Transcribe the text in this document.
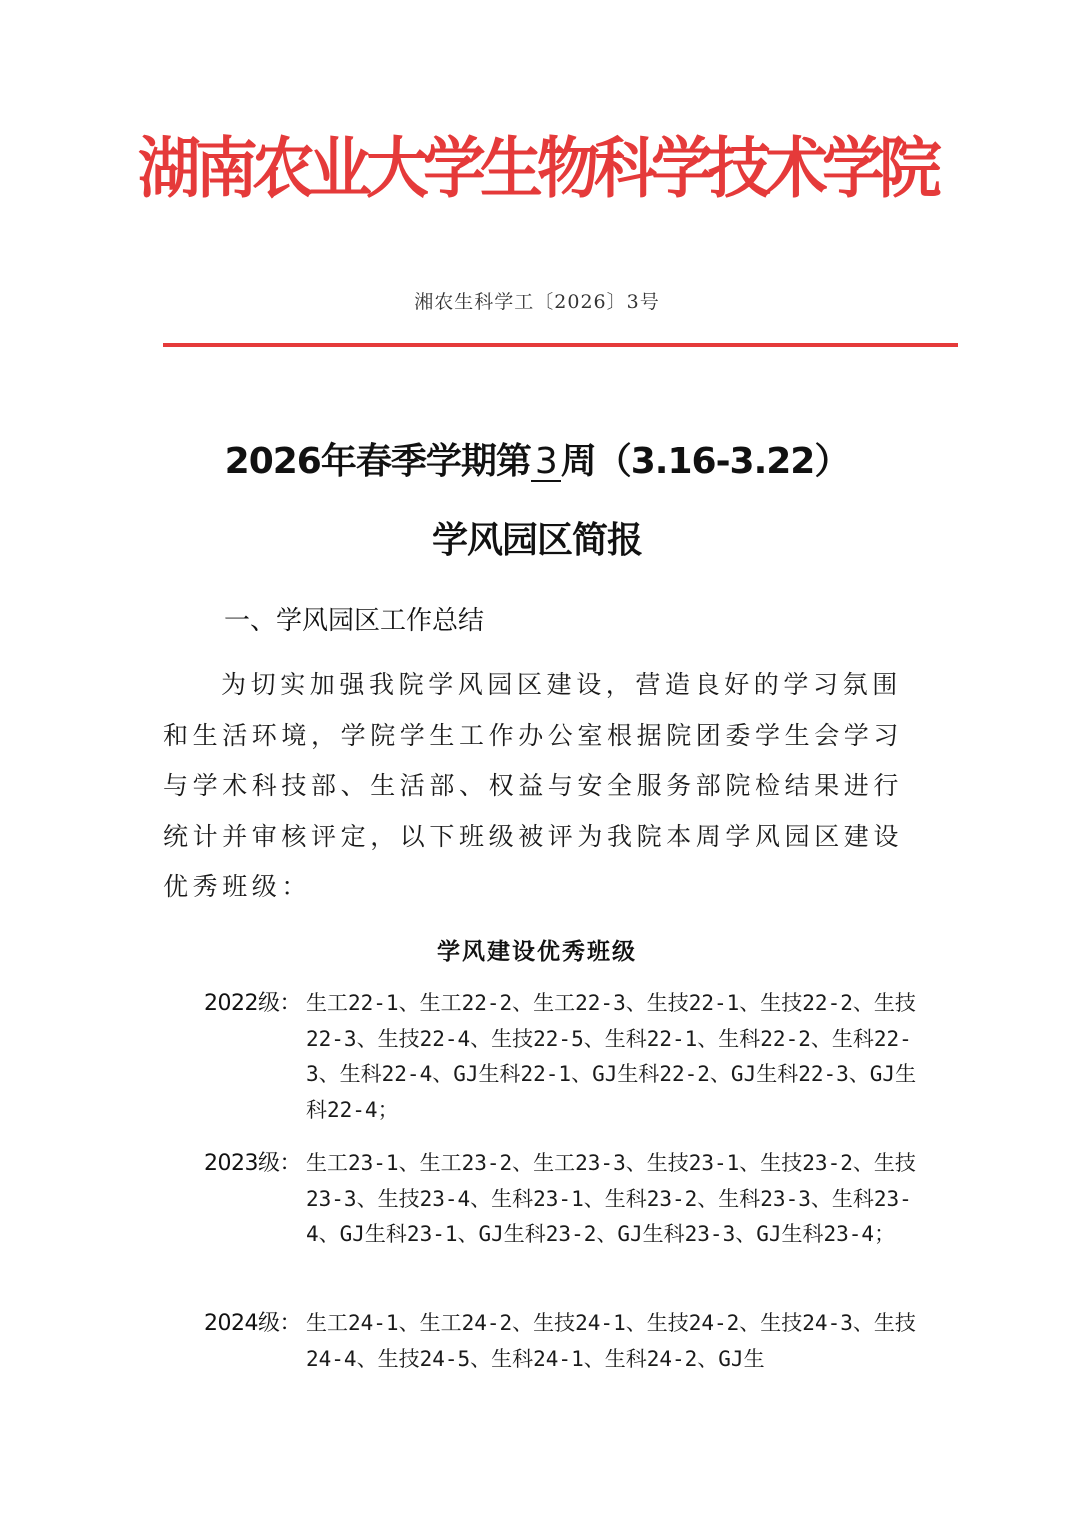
湖南农业大学生物科学技术学院
湘农生科学工〔2026〕3号
2026年春季学期第 3 周（3.16-3.22）
学风园区简报
一、学风园区工作总结

为切实加强我院学风园区建设，营造良好的学习氛围和生活环境，学院学生工作办公室根据院团委学生会学习与学术科技部、生活部、权益与安全服务部院检结果进行统计并审核评定，以下班级被评为我院本周学风园区建设优秀班级：

学风建设优秀班级
2022级： 生工22-1、生工22-2、生工22-3、生技22-1、生技22-2、生技22-3、生技22-4、生技22-5、生科22-1、生科22-2、生科22-3、生科22-4、GJ生科22-1、GJ生科22-2、GJ生科22-3、GJ生科22-4；

2023级： 生工23-1、生工23-2、生工23-3、生技23-1、生技23-2、生技23-3、生技23-4、生科23-1、生科23-2、生科23-3、生科23-4、GJ生科23-1、GJ生科23-2、GJ生科23-3、GJ生科23-4；

2024级： 生工24-1、生工24-2、生技24-1、生技24-2、生技24-3、生技24-4、生技24-5、生科24-1、生科24-2、GJ生
